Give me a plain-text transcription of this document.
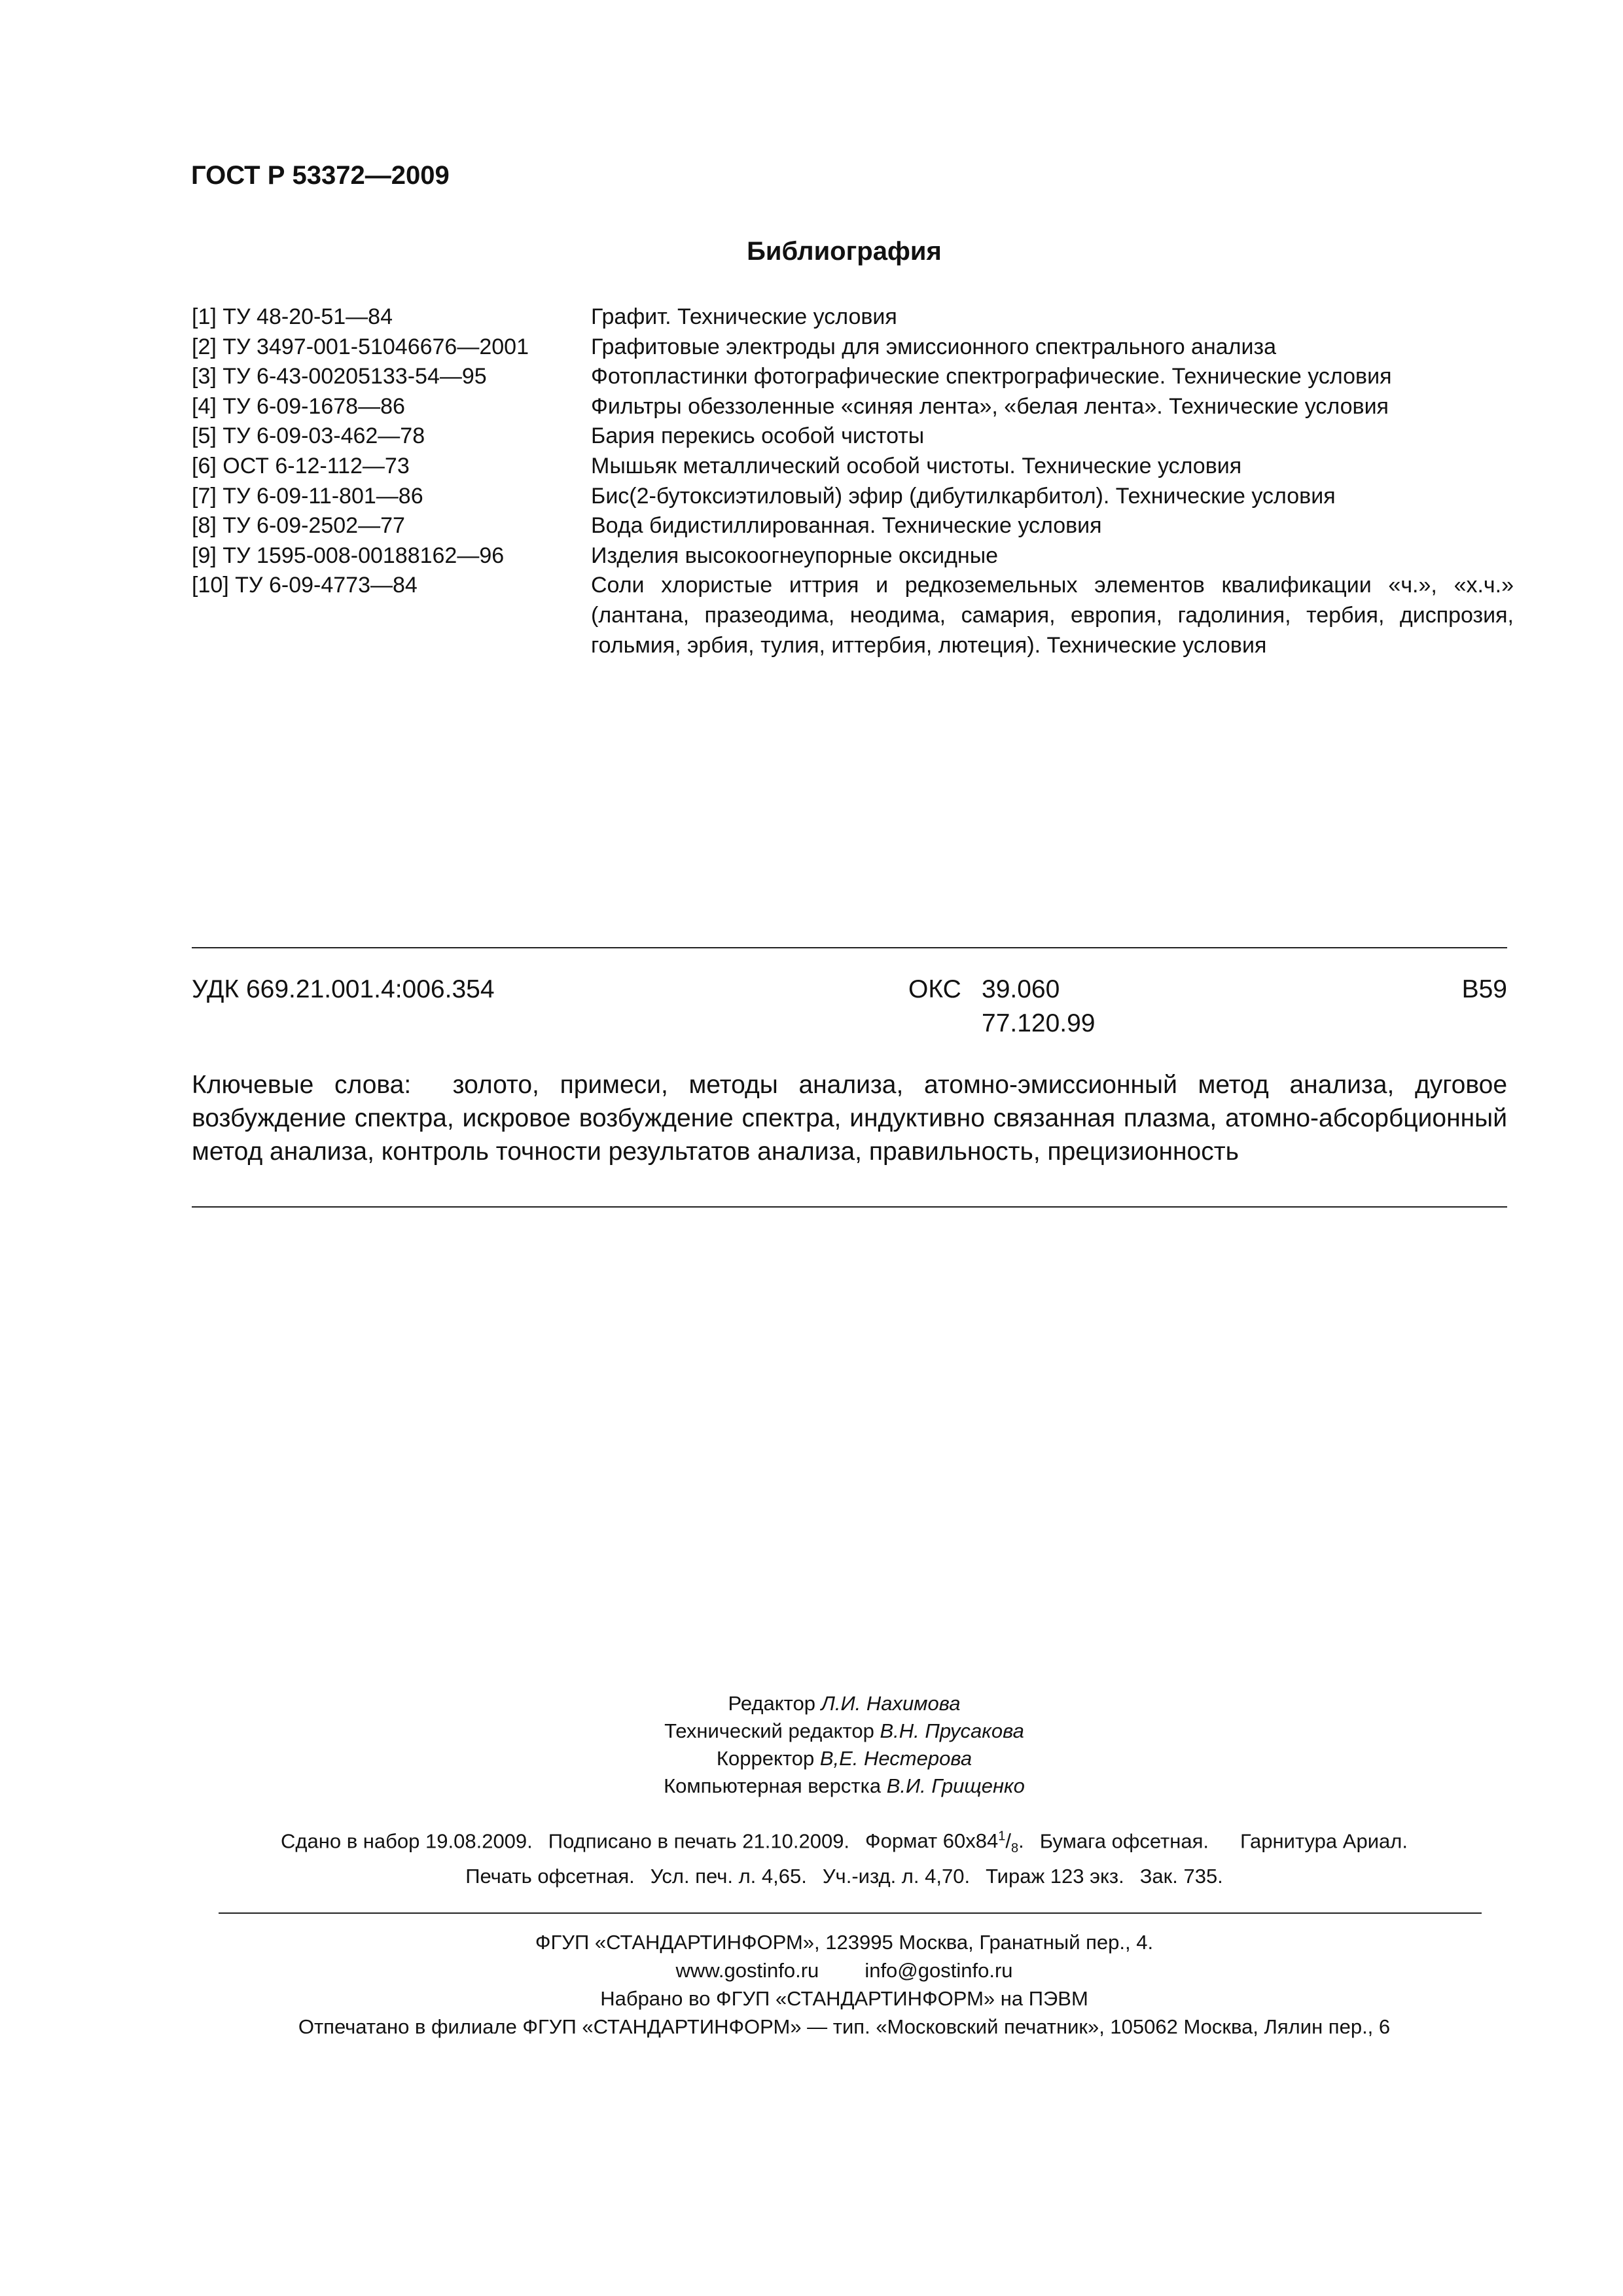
ГОСТ Р 53372—2009
Библиография
[1] ТУ 48-20-51—84	Графит. Технические условия
[2] ТУ 3497-001-51046676—2001	Графитовые электроды для эмиссионного спектрального анализа
[3] ТУ 6-43-00205133-54—95	Фотопластинки фотографические спектрографические. Технические условия
[4] ТУ 6-09-1678—86	Фильтры обеззоленные «синяя лента», «белая лента». Технические условия
[5] ТУ 6-09-03-462—78	Бария перекись особой чистоты
[6] ОСТ 6-12-112—73	Мышьяк металлический особой чистоты. Технические условия
[7] ТУ 6-09-11-801—86	Бис(2-бутоксиэтиловый) эфир (дибутилкарбитол). Технические условия
[8] ТУ 6-09-2502—77	Вода бидистиллированная. Технические условия
[9] ТУ 1595-008-00188162—96	Изделия высокоогнеупорные оксидные
[10] ТУ 6-09-4773—84	Соли хлористые иттрия и редкоземельных элементов квалификации «ч.», «х.ч.» (лантана, празеодима, неодима, самария, европия, гадолиния, тербия, диспрозия, гольмия, эрбия, тулия, иттербия, лютеция). Технические условия
УДК 669.21.001.4:006.354	ОКС 39.060
77.120.99
В59
Ключевые слова: золото, примеси, методы анализа, атомно-эмиссионный метод анализа, дуговое возбуждение спектра, искровое возбуждение спектра, индуктивно связанная плазма, атомно-абсорбционный метод анализа, контроль точности результатов анализа, правильность, прецизионность
Редактор Л.И. Нахимова
Технический редактор В.Н. Прусакова
Корректор В,Е. Нестерова
Компьютерная верстка В.И. Грищенко
Сдано в набор 19.08.2009. Подписано в печать 21.10.2009. Формат $60x84^1/_8$. Бумага офсетная. Гарнитура Ариал.
Печать офсетная. Усл. печ. л. 4,65. Уч.-изд. л. 4,70. Тираж 123 экз. Зак. 735.
ФГУП «СТАНДАРТИНФОРМ», 123995 Москва, Гранатный пер., 4.
www.gostinfo.ru info@gostinfo.ru
Набрано во ФГУП «СТАНДАРТИНФОРМ» на ПЭВМ
Отпечатано в филиале ФГУП «СТАНДАРТИНФОРМ» — тип. «Московский печатник», 105062 Москва, Лялин пер., 6
